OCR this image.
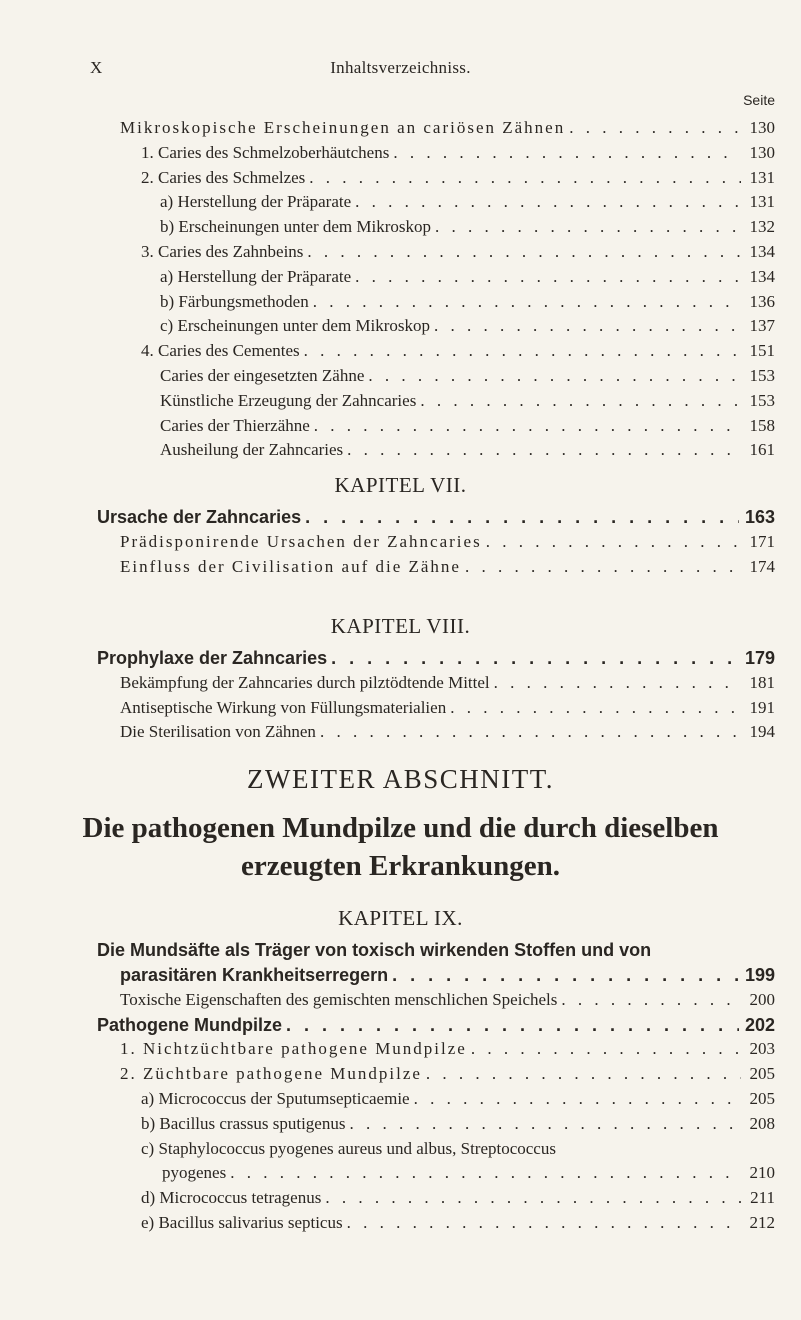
X	Inhaltsverzeichniss.
Seite
Mikroskopische Erscheinungen an cariösen Zähnen . . .	130
1. Caries des Schmelzoberhäutchens . . .	130
2. Caries des Schmelzes . . .	131
a) Herstellung der Präparate . . .	131
b) Erscheinungen unter dem Mikroskop . . .	132
3. Caries des Zahnbeins . . .	134
a) Herstellung der Präparate . . .	134
b) Färbungsmethoden . . .	136
c) Erscheinungen unter dem Mikroskop . . .	137
4. Caries des Cementes . . .	151
Caries der eingesetzten Zähne . . .	153
Künstliche Erzeugung der Zahncaries . . .	153
Caries der Thierzähne . . .	158
Ausheilung der Zahncaries . . .	161
KAPITEL VII.
Ursache der Zahncaries . . .	163
Prädisponirende Ursachen der Zahncaries . . .	171
Einfluss der Civilisation auf die Zähne . . .	174
KAPITEL VIII.
Prophylaxe der Zahncaries . . .	179
Bekämpfung der Zahncaries durch pilztödtende Mittel . . .	181
Antiseptische Wirkung von Füllungsmaterialien . . .	191
Die Sterilisation von Zähnen . . .	194
ZWEITER ABSCHNITT.
Die pathogenen Mundpilze und die durch dieselben
erzeugten Erkrankungen.
KAPITEL IX.
Die Mundsäfte als Träger von toxisch wirkenden Stoffen und von
parasitären Krankheitserregern . . .	199
Toxische Eigenschaften des gemischten menschlichen Speichels . . .	200
Pathogene Mundpilze . . .	202
1. Nichtzüchtbare pathogene Mundpilze . . .	203
2. Züchtbare pathogene Mundpilze . . .	205
a) Micrococcus der Sputumsepticaemie . . .	205
b) Bacillus crassus sputigenus . . .	208
c) Staphylococcus pyogenes aureus und albus, Streptococcus
pyogenes . . .	210
d) Micrococcus tetragenus . . .	211
e) Bacillus salivarius septicus . . .	212
